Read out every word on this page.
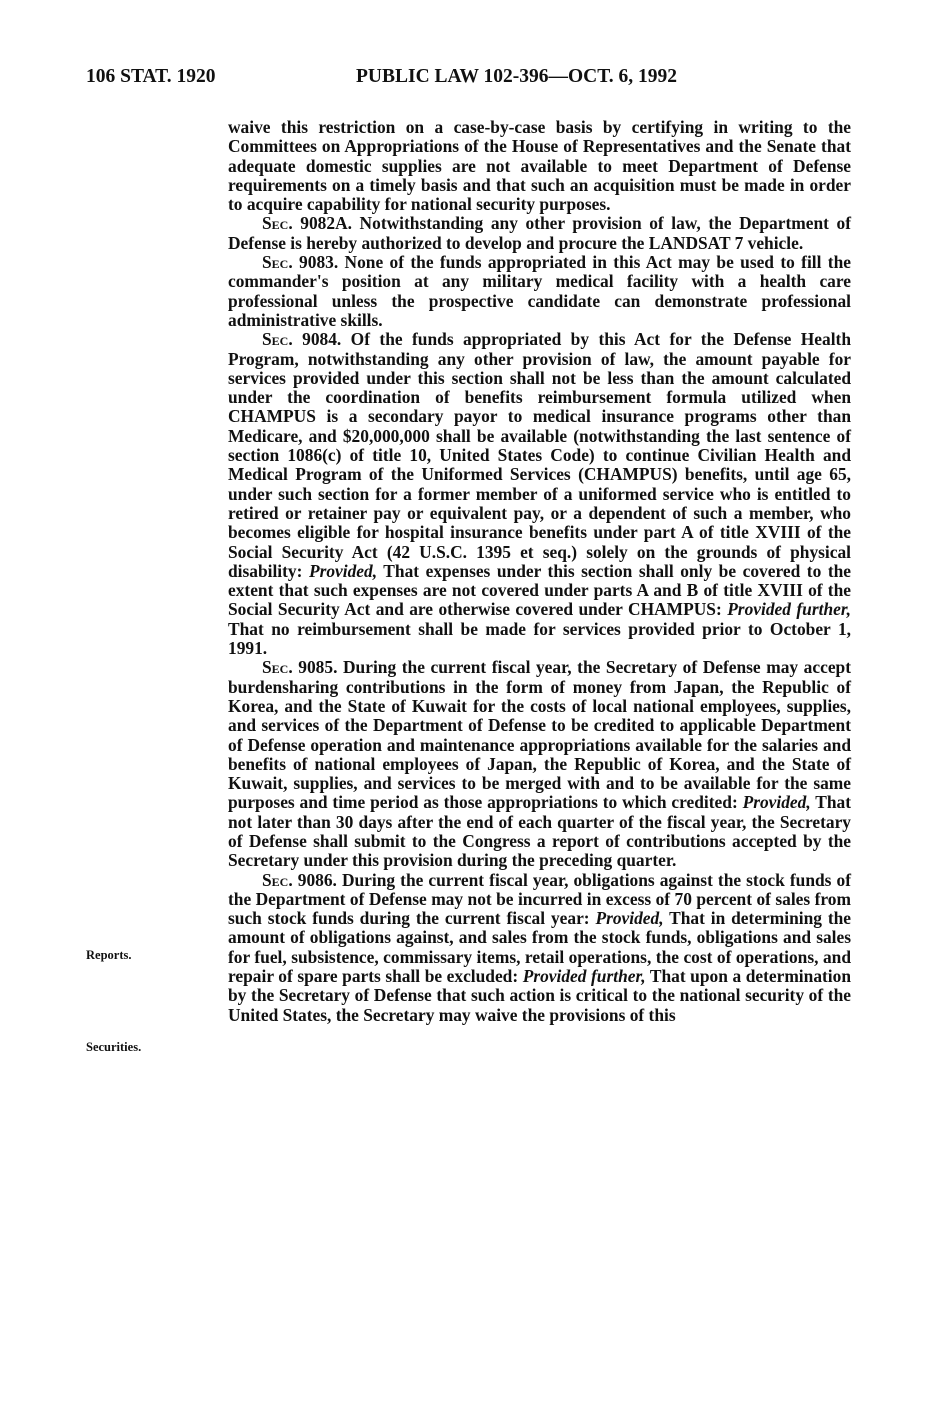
106 STAT. 1920	PUBLIC LAW 102-396—OCT. 6, 1992
Reports.
Securities.

waive this restriction on a case-by-case basis by certifying in writing to the Committees on Appropriations of the House of Representatives and the Senate that adequate domestic supplies are not available to meet Department of Defense requirements on a timely basis and that such an acquisition must be made in order to acquire capability for national security purposes.

Sec. 9082A. Notwithstanding any other provision of law, the Department of Defense is hereby authorized to develop and procure the LANDSAT 7 vehicle.

Sec. 9083. None of the funds appropriated in this Act may be used to fill the commander's position at any military medical facility with a health care professional unless the prospective candidate can demonstrate professional administrative skills.

Sec. 9084. Of the funds appropriated by this Act for the Defense Health Program, notwithstanding any other provision of law, the amount payable for services provided under this section shall not be less than the amount calculated under the coordination of benefits reimbursement formula utilized when CHAMPUS is a secondary payor to medical insurance programs other than Medicare, and $20,000,000 shall be available (notwithstanding the last sentence of section 1086(c) of title 10, United States Code) to continue Civilian Health and Medical Program of the Uniformed Services (CHAMPUS) benefits, until age 65, under such section for a former member of a uniformed service who is entitled to retired or retainer pay or equivalent pay, or a dependent of such a member, who becomes eligible for hospital insurance benefits under part A of title XVIII of the Social Security Act (42 U.S.C. 1395 et seq.) solely on the grounds of physical disability: Provided, That expenses under this section shall only be covered to the extent that such expenses are not covered under parts A and B of title XVIII of the Social Security Act and are otherwise covered under CHAMPUS: Provided further, That no reimbursement shall be made for services provided prior to October 1, 1991.

Sec. 9085. During the current fiscal year, the Secretary of Defense may accept burdensharing contributions in the form of money from Japan, the Republic of Korea, and the State of Kuwait for the costs of local national employees, supplies, and services of the Department of Defense to be credited to applicable Department of Defense operation and maintenance appropriations available for the salaries and benefits of national employees of Japan, the Republic of Korea, and the State of Kuwait, supplies, and services to be merged with and to be available for the same purposes and time period as those appropriations to which credited: Provided, That not later than 30 days after the end of each quarter of the fiscal year, the Secretary of Defense shall submit to the Congress a report of contributions accepted by the Secretary under this provision during the preceding quarter.

Sec. 9086. During the current fiscal year, obligations against the stock funds of the Department of Defense may not be incurred in excess of 70 percent of sales from such stock funds during the current fiscal year: Provided, That in determining the amount of obligations against, and sales from the stock funds, obligations and sales for fuel, subsistence, commissary items, retail operations, the cost of operations, and repair of spare parts shall be excluded: Provided further, That upon a determination by the Secretary of Defense that such action is critical to the national security of the United States, the Secretary may waive the provisions of this
